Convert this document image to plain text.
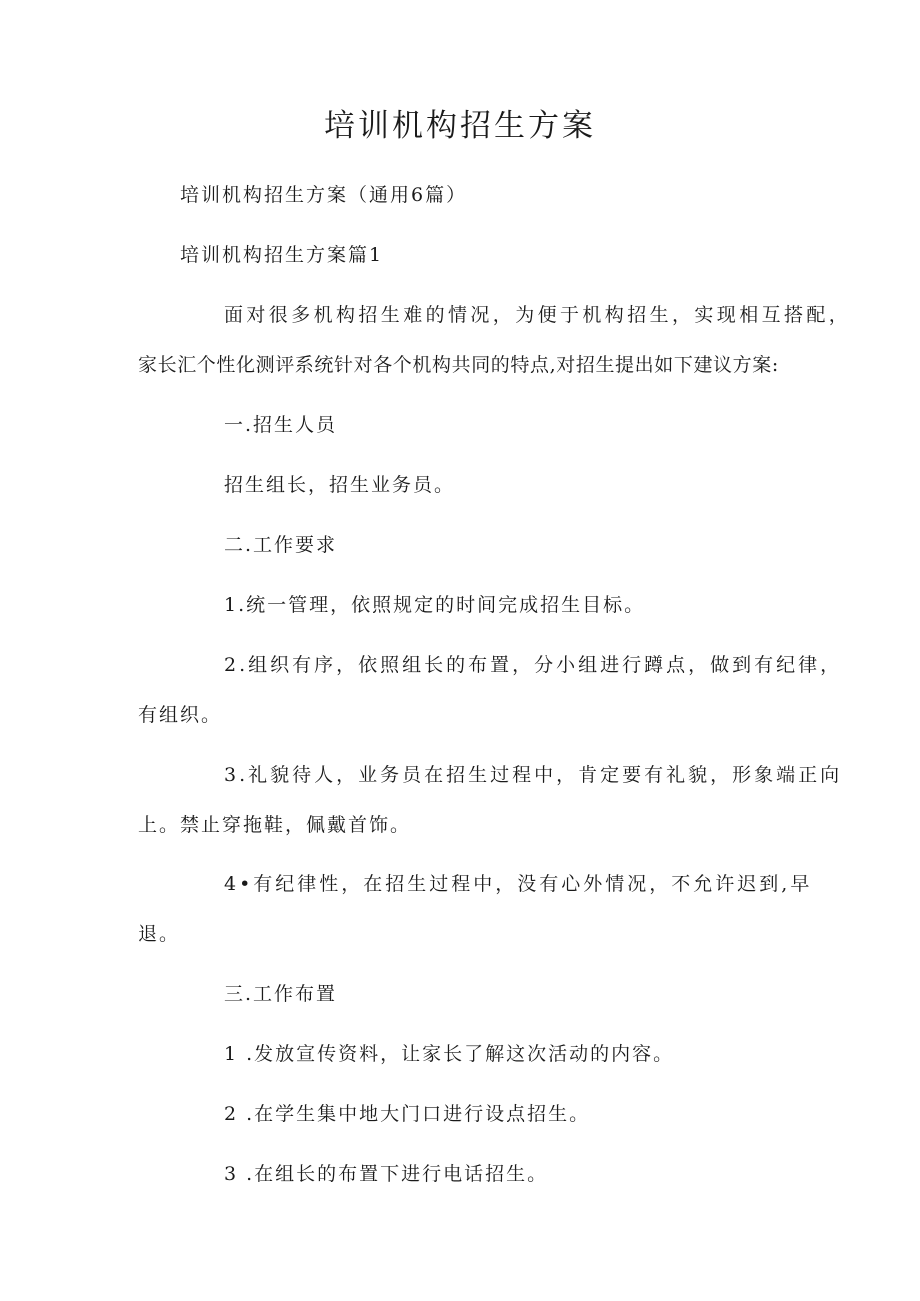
培训机构招生方案
培训机构招生方案（通用6篇）
培训机构招生方案篇1
面对很多机构招生难的情况，为便于机构招生，实现相互搭配，
家长汇个性化测评系统针对各个机构共同的特点,对招生提出如下建议方案:
一.招生人员
招生组长，招生业务员。
二.工作要求
1.统一管理，依照规定的时间完成招生目标。
2.组织有序，依照组长的布置，分小组进行蹲点，做到有纪律，
有组织。
3.礼貌待人，业务员在招生过程中，肯定要有礼貌，形象端正向
上。禁止穿拖鞋，佩戴首饰。
4•有纪律性，在招生过程中，没有心外情况，不允许迟到,早
退。
三.工作布置
1 .发放宣传资料，让家长了解这次活动的内容。
2 .在学生集中地大门口进行设点招生。
3 .在组长的布置下进行电话招生。
